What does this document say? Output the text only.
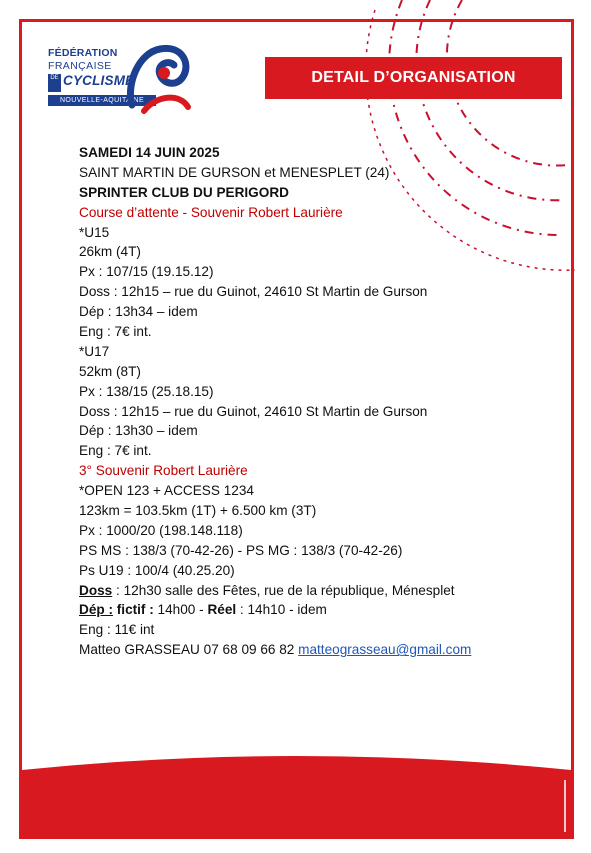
FÉDÉRATION
FRANÇAISE
DE CYCLISME
NOUVELLE-AQUITAINE
DETAIL D’ORGANISATION
SAMEDI 14 JUIN 2025
SAINT MARTIN DE GURSON et MENESPLET (24)
SPRINTER CLUB DU PERIGORD
Course d’attente - Souvenir Robert Laurière
*U15
26km (4T)
Px : 107/15 (19.15.12)
Doss : 12h15 – rue du Guinot, 24610 St Martin de Gurson
Dép : 13h34 – idem
Eng : 7€ int.
*U17
52km (8T)
Px : 138/15 (25.18.15)
Doss : 12h15 – rue du Guinot, 24610 St Martin de Gurson
Dép : 13h30 – idem
Eng : 7€ int.
3° Souvenir Robert Laurière
*OPEN 123 + ACCESS 1234
123km = 103.5km (1T) + 6.500 km (3T)
Px : 1000/20 (198.148.118)
PS MS : 138/3 (70-42-26) - PS MG : 138/3 (70-42-26)
Ps U19 : 100/4 (40.25.20)
Doss : 12h30 salle des Fêtes, rue de la république, Ménesplet
Dép : fictif : 14h00 - Réel : 14h10 - idem
Eng : 11€ int
Matteo GRASSEAU 07 68 09 66 82 matteograsseau@gmail.com
